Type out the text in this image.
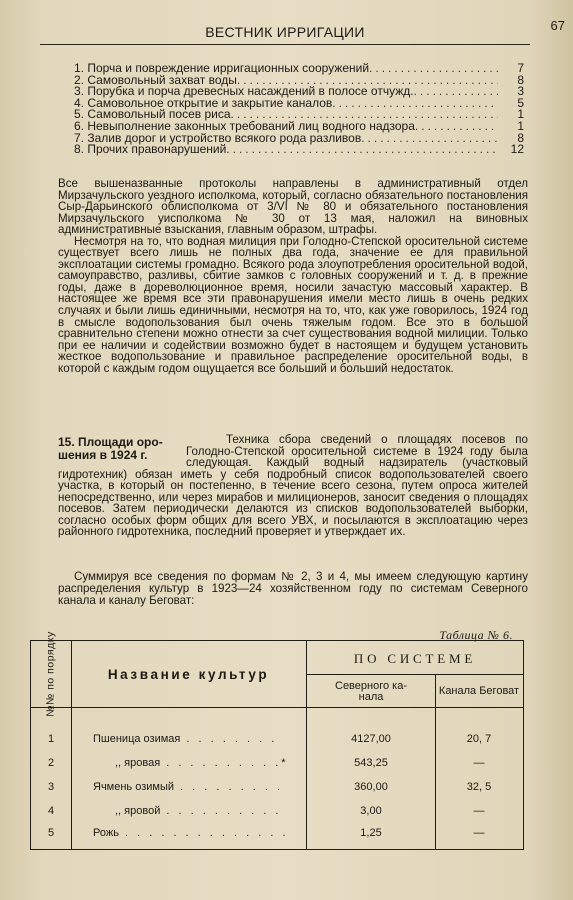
ВЕСТНИК ИРРИГАЦИИ	67
1. Порча и повреждение ирригационных сооружений .....	7
2. Самовольный захват воды .....	8
3. Порубка и порча древесных насаждений в полосе отчужд. .....	3
4. Самовольное открытие и закрытие каналов .....	5
5. Самовольный посев риса .....	1
6. Невыполнение законных требований лиц водного надзора .....	1
7. Залив дорог и устройство всякого рода разливов .....	8
8. Прочих правонарушений .....	12

Все вышеназванные протоколы направлены в административный отдел Мирзачульского уездного исполкома, который, согласно обязательного постановления Сыр-Дарьинского облисполкома от 3/VI № 80 и обязательного постановления Мирзачульского уисполкома № 30 от 13 мая, наложил на виновных административные взыскания, главным образом, штрафы.

Несмотря на то, что водная милиция при Голодно-Степской оросительной системе существует всего лишь не полных два года, значение ее для правильной эксплоатации системы громадно. Всякого рода злоупотребления оросительной водой, самоуправство, разливы, сбитие замков с головных сооружений и т. д. в прежние годы, даже в дореволюционное время, носили зачастую массовый характер. В настоящее же время все эти правонарушения имели место лишь в очень редких случаях и были лишь единичными, несмотря на то, что, как уже говорилось, 1924 год в смысле водопользования был очень тяжелым годом. Все это в большой сравнительно степени можно отнести за счет существования водной милиции. Только при ее наличии и содействии возможно будет в настоящем и будущем установить жесткое водопользование и правильное распределение оросительной воды, в которой с каждым годом ощущается все больший и больший недостаток.

15. Площади оро-
шения в 1924 г.
Техника сбора сведений о площадях посевов по Голодно-Степской оросительной системе в 1924 году была следующая. Каждый водный надзиратель (участковый гидротехник) обязан иметь у себя подробный список водопользователей своего участка, в который он постепенно, в течение всего сезона, путем опроса жителей непосредственно, или через мирабов и милиционеров, заносит сведения о площадях посевов. Затем периодически делаются из списков водопользователей выборки, согласно особых форм общих для всего УВХ, и посылаются в эксплоатацию через районного гидротехника, последний проверяет и утверждает их.
Суммируя все сведения по формам № 2, 3 и 4, мы имеем следующую картину распределения культур в 1923—24 хозяйственном году по системам Северного канала и каналу Беговат:
Таблица № 6.
№№ по порядку	Название культур
ПО СИСТЕМЕ
Северного ка-
нала	Канала Беговат
1	Пшеница озимая . . . . . . . .	4127,00	20, 7
2	,, яровая . . . . . . . . . .*	543,25	—
3	Ячмень озимый . . . . . . . . .	360,00	32, 5
4	,, яровой . . . . . . . . . .	3,00	—
5	Рожь . . . . . . . . . . . . . .	1,25	—
